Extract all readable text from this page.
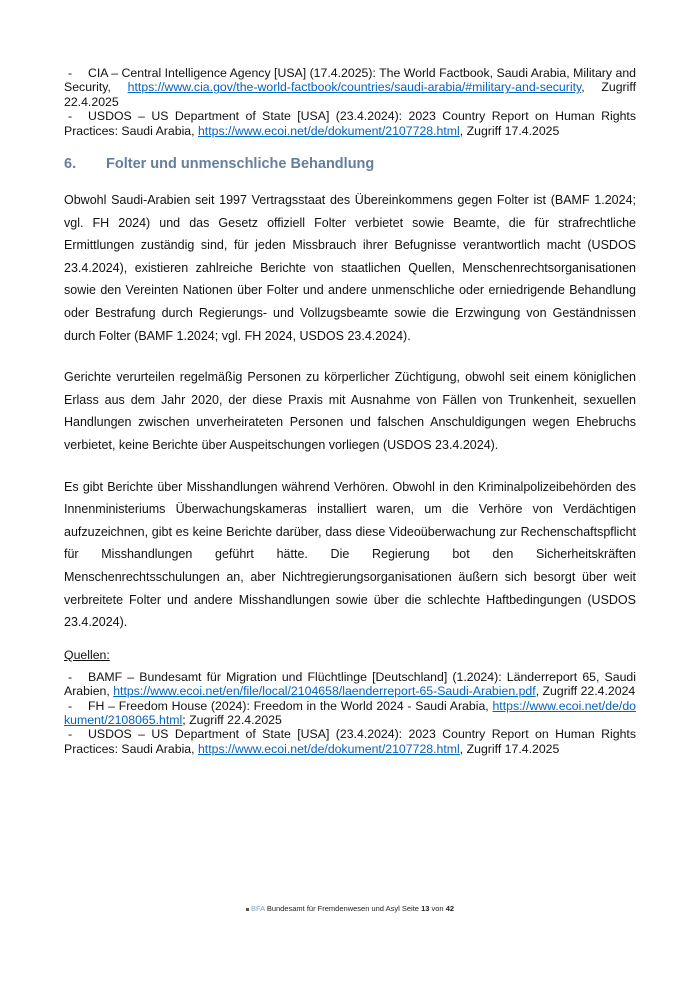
- CIA – Central Intelligence Agency [USA] (17.4.2025): The World Factbook, Saudi Arabia, Military and Security, https://www.cia.gov/the-world-factbook/countries/saudi-arabia/#military-and-security, Zugriff 22.4.2025
- USDOS – US Department of State [USA] (23.4.2024): 2023 Country Report on Human Rights Practices: Saudi Arabia, https://www.ecoi.net/de/dokument/2107728.html, Zugriff 17.4.2025
6. Folter und unmenschliche Behandlung

Obwohl Saudi-Arabien seit 1997 Vertragsstaat des Übereinkommens gegen Folter ist (BAMF 1.2024; vgl. FH 2024) und das Gesetz offiziell Folter verbietet sowie Beamte, die für strafrechtliche Ermittlungen zuständig sind, für jeden Missbrauch ihrer Befugnisse verantwortlich macht (USDOS 23.4.2024), existieren zahlreiche Berichte von staatlichen Quellen, Menschenrechtsorganisationen sowie den Vereinten Nationen über Folter und andere unmenschliche oder erniedrigende Behandlung oder Bestrafung durch Regierungs- und Vollzugsbeamte sowie die Erzwingung von Geständnissen durch Folter (BAMF 1.2024; vgl. FH 2024, USDOS 23.4.2024).

Gerichte verurteilen regelmäßig Personen zu körperlicher Züchtigung, obwohl seit einem königlichen Erlass aus dem Jahr 2020, der diese Praxis mit Ausnahme von Fällen von Trunkenheit, sexuellen Handlungen zwischen unverheirateten Personen und falschen Anschuldigungen wegen Ehebruchs verbietet, keine Berichte über Auspeitschungen vorliegen (USDOS 23.4.2024).

Es gibt Berichte über Misshandlungen während Verhören. Obwohl in den Kriminalpolizeibehörden des Innenministeriums Überwachungskameras installiert waren, um die Verhöre von Verdächtigen aufzuzeichnen, gibt es keine Berichte darüber, dass diese Videoüberwachung zur Rechenschaftspflicht für Misshandlungen geführt hätte. Die Regierung bot den Sicherheitskräften Menschenrechtsschulungen an, aber Nichtregierungsorganisationen äußern sich besorgt über weit verbreitete Folter und andere Misshandlungen sowie über die schlechte Haftbedingungen (USDOS 23.4.2024).

Quellen:
- BAMF – Bundesamt für Migration und Flüchtlinge [Deutschland] (1.2024): Länderreport 65, Saudi Arabien, https://www.ecoi.net/en/file/local/2104658/laenderreport-65-Saudi-Arabien.pdf, Zugriff 22.4.2024
- FH – Freedom House (2024): Freedom in the World 2024 - Saudi Arabia, https://www.ecoi.net/de/dokument/2108065.html; Zugriff 22.4.2025
- USDOS – US Department of State [USA] (23.4.2024): 2023 Country Report on Human Rights Practices: Saudi Arabia, https://www.ecoi.net/de/dokument/2107728.html, Zugriff 17.4.2025
BFA Bundesamt für Fremdenwesen und Asyl Seite 13 von 42
